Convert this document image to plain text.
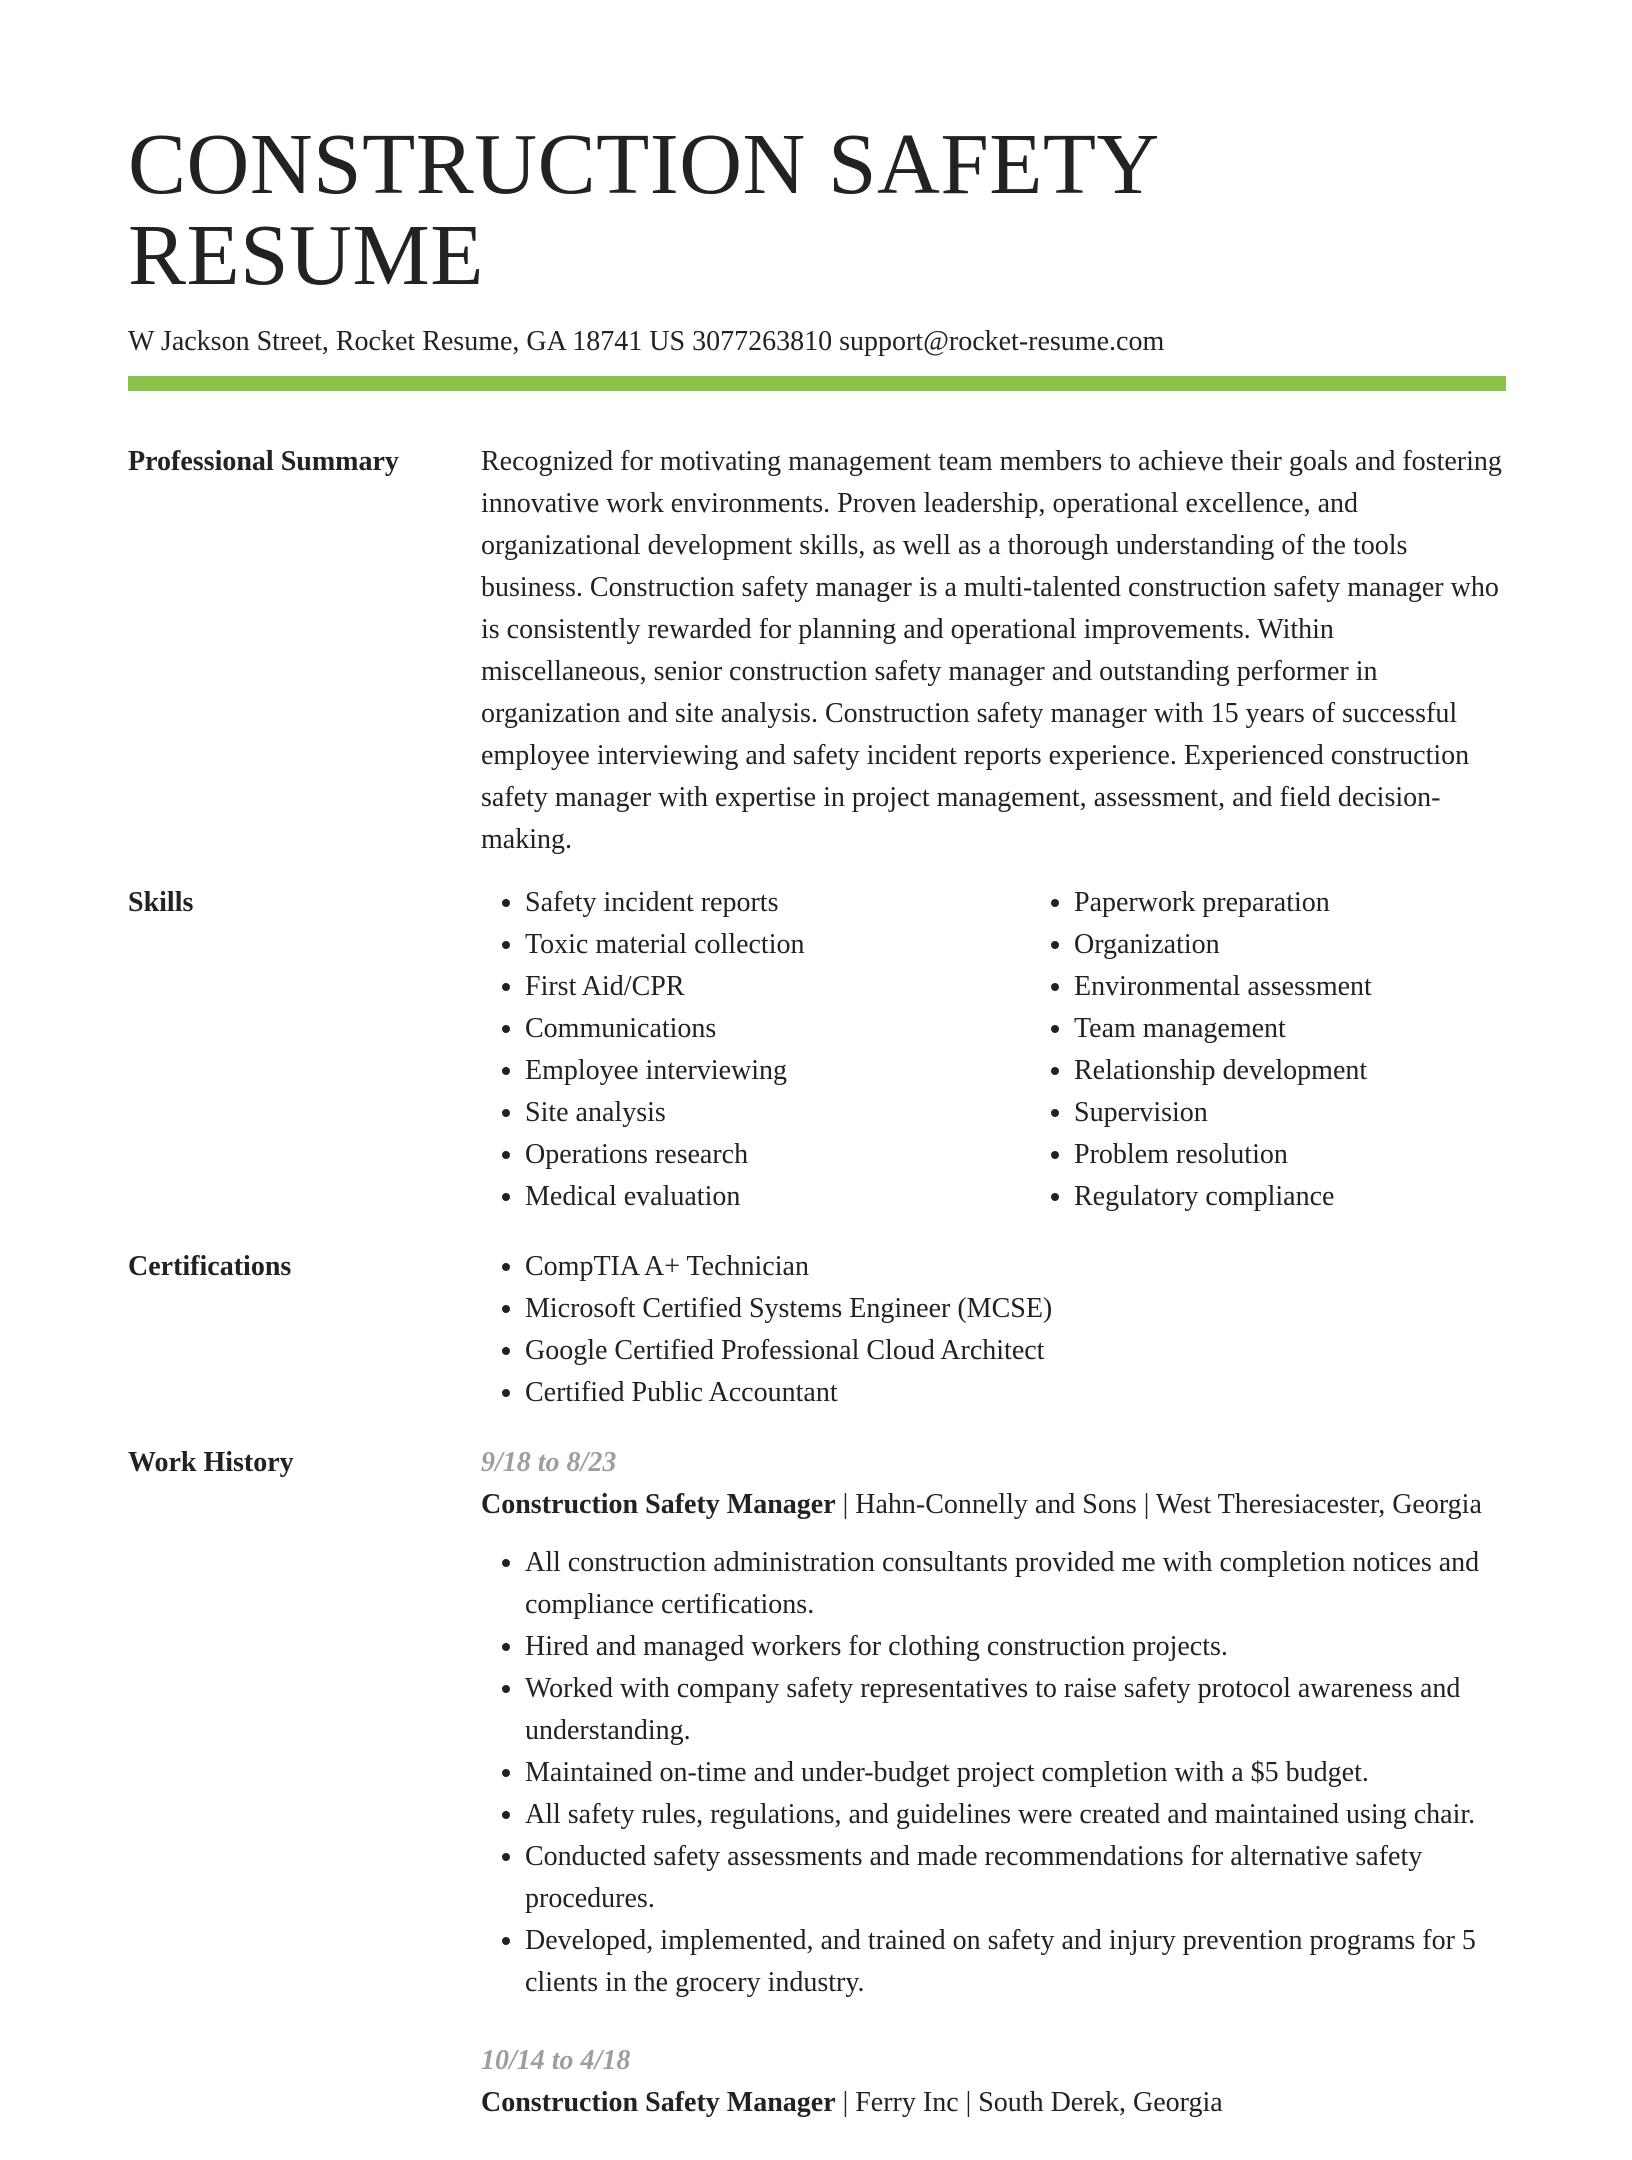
CONSTRUCTION SAFETY RESUME
W Jackson Street, Rocket Resume, GA 18741 US 3077263810 support@rocket-resume.com
Professional Summary	Recognized for motivating management team members to achieve their goals and fostering innovative work environments. Proven leadership, operational excellence, and organizational development skills, as well as a thorough understanding of the tools business. Construction safety manager is a multi-talented construction safety manager who is consistently rewarded for planning and operational improvements. Within miscellaneous, senior construction safety manager and outstanding performer in organization and site analysis. Construction safety manager with 15 years of successful employee interviewing and safety incident reports experience. Experienced construction safety manager with expertise in project management, assessment, and field decision-making.

Skills	• Safety incident reports
• Toxic material collection
• First Aid/CPR
• Communications
• Employee interviewing
• Site analysis
• Operations research
• Medical evaluation
• Paperwork preparation
• Organization
• Environmental assessment
• Team management
• Relationship development
• Supervision
• Problem resolution
• Regulatory compliance
Certifications	• CompTIA A+ Technician
• Microsoft Certified Systems Engineer (MCSE)
• Google Certified Professional Cloud Architect
• Certified Public Accountant
Work History	9/18 to 8/23

Construction Safety Manager | Hahn-Connelly and Sons | West Theresiacester, Georgia

• All construction administration consultants provided me with completion notices and compliance certifications.
• Hired and managed workers for clothing construction projects.
• Worked with company safety representatives to raise safety protocol awareness and understanding.
• Maintained on-time and under-budget project completion with a $5 budget.
• All safety rules, regulations, and guidelines were created and maintained using chair.
• Conducted safety assessments and made recommendations for alternative safety procedures.
• Developed, implemented, and trained on safety and injury prevention programs for 5 clients in the grocery industry.
10/14 to 4/18

Construction Safety Manager | Ferry Inc | South Derek, Georgia
